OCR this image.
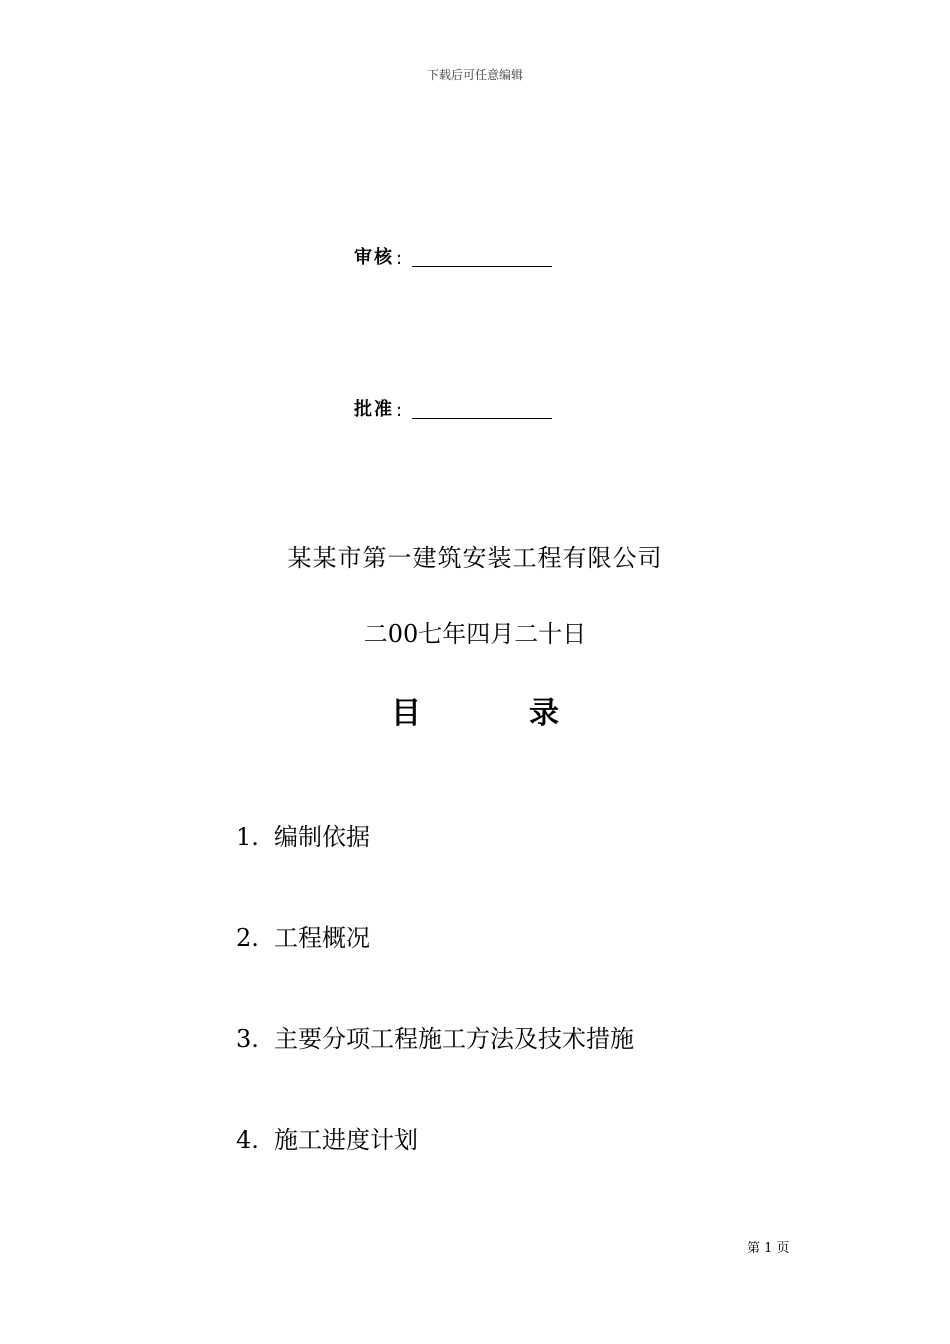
下载后可任意编辑
审核 :
批准 :
某某市第一建筑安装工程有限公司
二00七年四月二十日
目	录
1. 编制依据
2. 工程概况
3. 主要分项工程施工方法及技术措施
4. 施工进度计划
第 1 页
